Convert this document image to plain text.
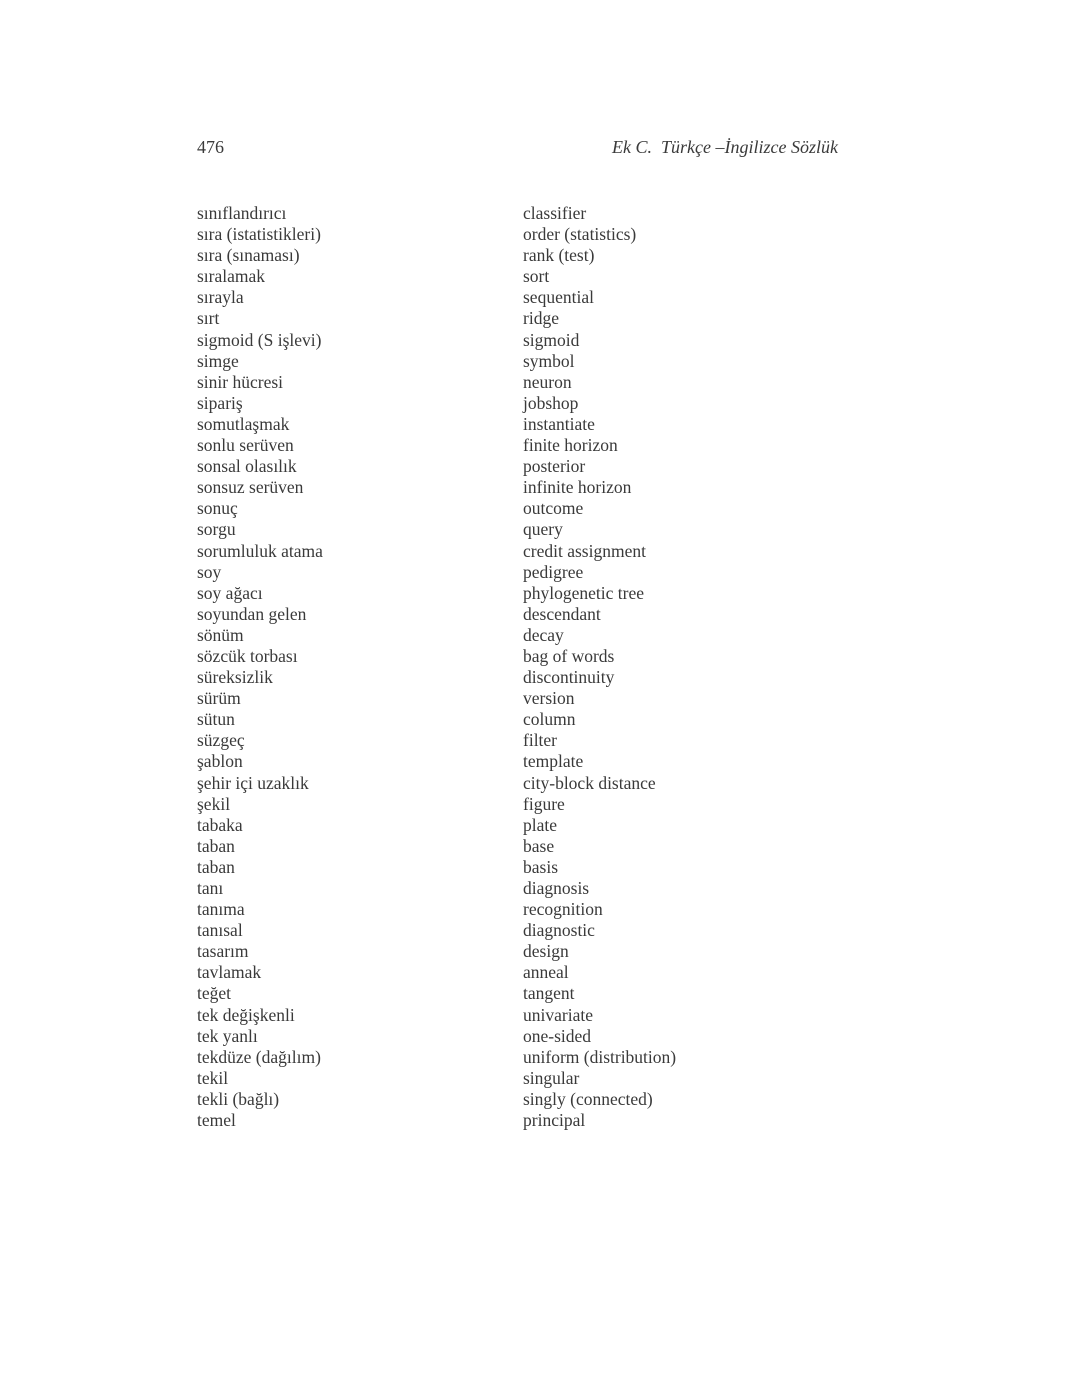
476	Ek C.  Türkçe –İngilizce Sözlük
sınıflandırıcı	classifier
sıra (istatistikleri)	order (statistics)
sıra (sınaması)	rank (test)
sıralamak	sort
sırayla	sequential
sırt	ridge
sigmoid (S işlevi)	sigmoid
simge	symbol
sinir hücresi	neuron
sipariş	jobshop
somutlaşmak	instantiate
sonlu serüven	finite horizon
sonsal olasılık	posterior
sonsuz serüven	infinite horizon
sonuç	outcome
sorgu	query
sorumluluk atama	credit assignment
soy	pedigree
soy ağacı	phylogenetic tree
soyundan gelen	descendant
sönüm	decay
sözcük torbası	bag of words
süreksizlik	discontinuity
sürüm	version
sütun	column
süzgeç	filter
şablon	template
şehir içi uzaklık	city-block distance
şekil	figure
tabaka	plate
taban	base
taban	basis
tanı	diagnosis
tanıma	recognition
tanısal	diagnostic
tasarım	design
tavlamak	anneal
teğet	tangent
tek değişkenli	univariate
tek yanlı	one-sided
tekdüze (dağılım)	uniform (distribution)
tekil	singular
tekli (bağlı)	singly (connected)
temel	principal
